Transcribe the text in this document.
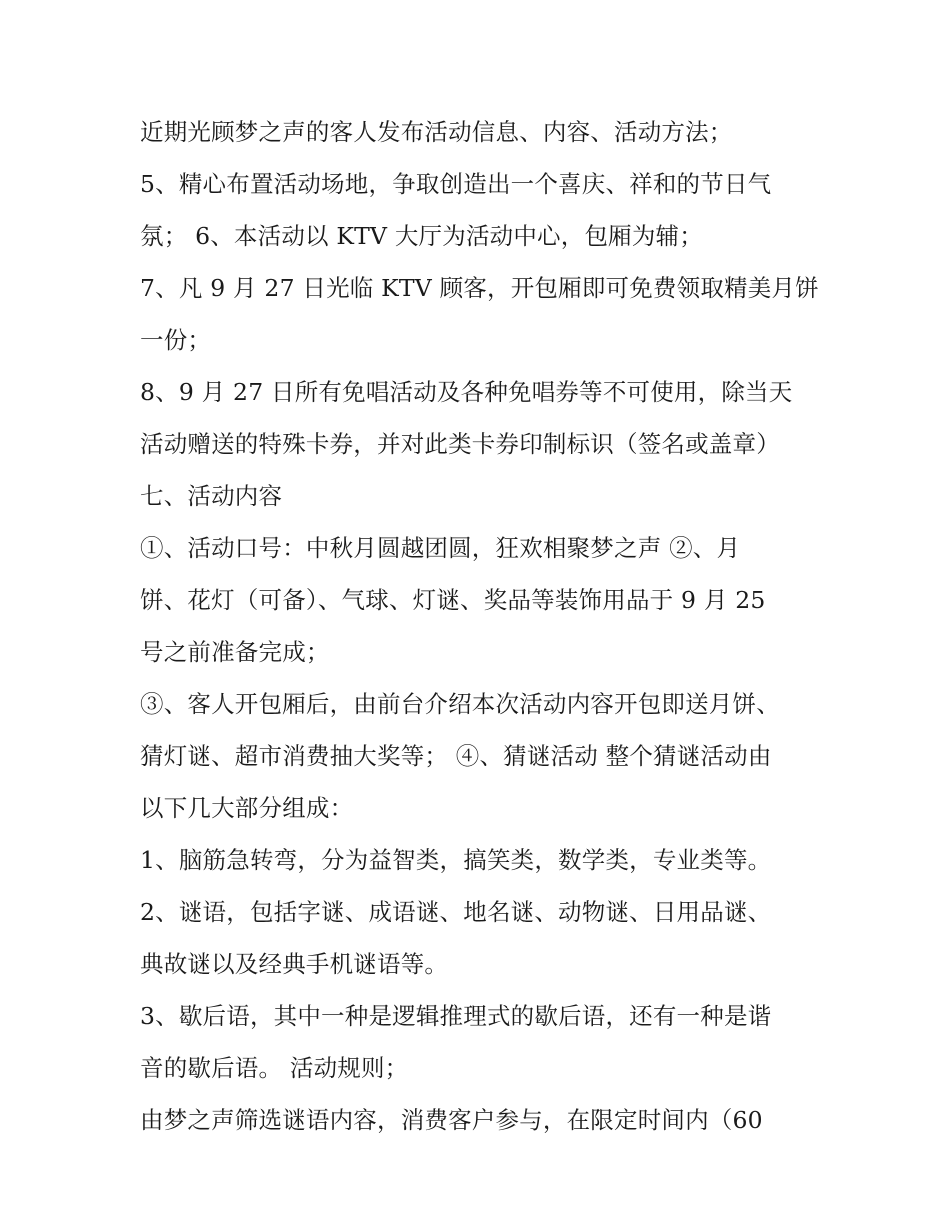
近期光顾梦之声的客人发布活动信息、内容、活动方法；
5、精心布置活动场地，争取创造出一个喜庆、祥和的节日气
氛； 6、本活动以 KTV 大厅为活动中心，包厢为辅；
7、凡 9 月 27 日光临 KTV 顾客，开包厢即可免费领取精美月饼
一份；
8、9 月 27 日所有免唱活动及各种免唱券等不可使用，除当天
活动赠送的特殊卡券，并对此类卡券印制标识（签名或盖章）
七、活动内容
①、活动口号：中秋月圆越团圆，狂欢相聚梦之声 ②、月
饼、花灯（可备）、气球、灯谜、奖品等装饰用品于 9 月 25
号之前准备完成；
③、客人开包厢后，由前台介绍本次活动内容开包即送月饼、
猜灯谜、超市消费抽大奖等； ④、猜谜活动 整个猜谜活动由
以下几大部分组成：
1、脑筋急转弯，分为益智类，搞笑类，数学类，专业类等。
2、谜语，包括字谜、成语谜、地名谜、动物谜、日用品谜、
典故谜以及经典手机谜语等。
3、歇后语，其中一种是逻辑推理式的歇后语，还有一种是谐
音的歇后语。 活动规则；
由梦之声筛选谜语内容，消费客户参与，在限定时间内（60
